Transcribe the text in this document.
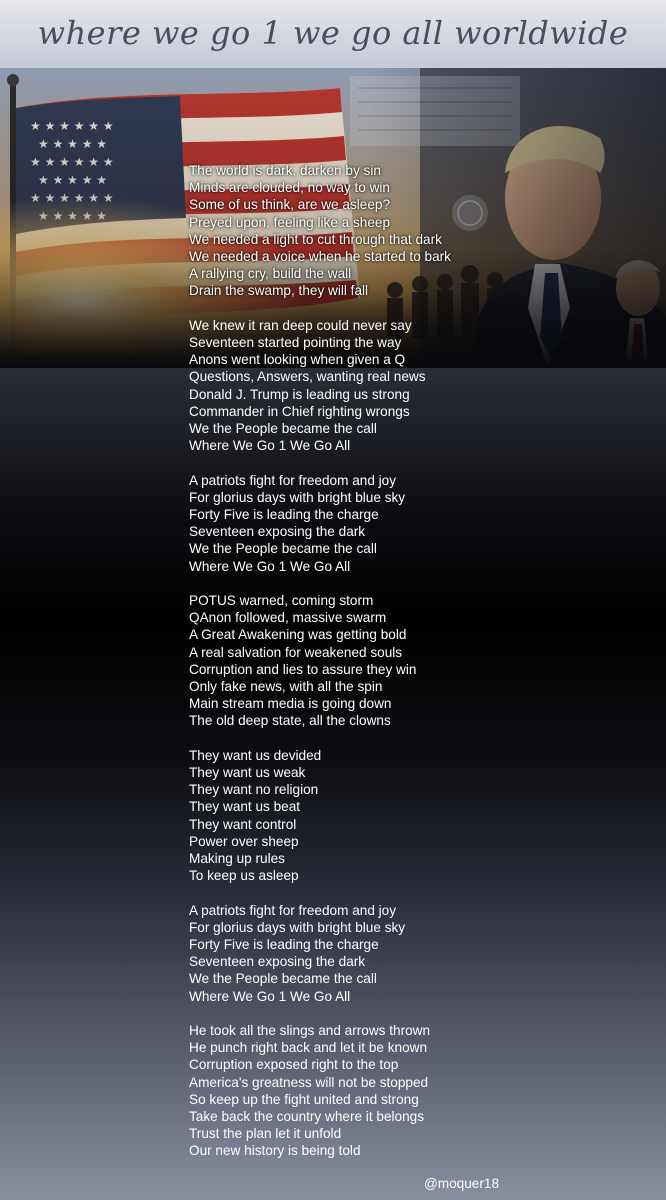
where we go 1 we go all worldwide
The world is dark, darken by sin
Minds are clouded, no way to win
Some of us think, are we asleep?
Preyed upon, feeling like a sheep
We needed a light to cut through that dark
We needed a voice when he started to bark
A rallying cry, build the wall
Drain the swamp, they will fall
We knew it ran deep could never say
Seventeen started pointing the way
Anons went looking when given a Q
Questions, Answers, wanting real news
Donald J. Trump is leading us strong
Commander in Chief righting wrongs
We the People became the call
Where We Go 1 We Go All
A patriots fight for freedom and joy
For glorius days with bright blue sky
Forty Five is leading the charge
Seventeen exposing the dark
We the People became the call
Where We Go 1 We Go All
POTUS warned, coming storm
QAnon followed, massive swarm
A Great Awakening was getting bold
A real salvation for weakened souls
Corruption and lies to assure they win
Only fake news, with all the spin
Main stream media is going down
The old deep state, all the clowns
They want us devided
They want us weak
They want no religion
They want us beat
They want control
Power over sheep
Making up rules
To keep us asleep
A patriots fight for freedom and joy
For glorius days with bright blue sky
Forty Five is leading the charge
Seventeen exposing the dark
We the People became the call
Where We Go 1 We Go All
He took all the slings and arrows thrown
He punch right back and let it be known
Corruption exposed right to the top
America's greatness will not be stopped
So keep up the fight united and strong
Take back the country where it belongs
Trust the plan let it unfold
Our new history is being told
@moquer18
